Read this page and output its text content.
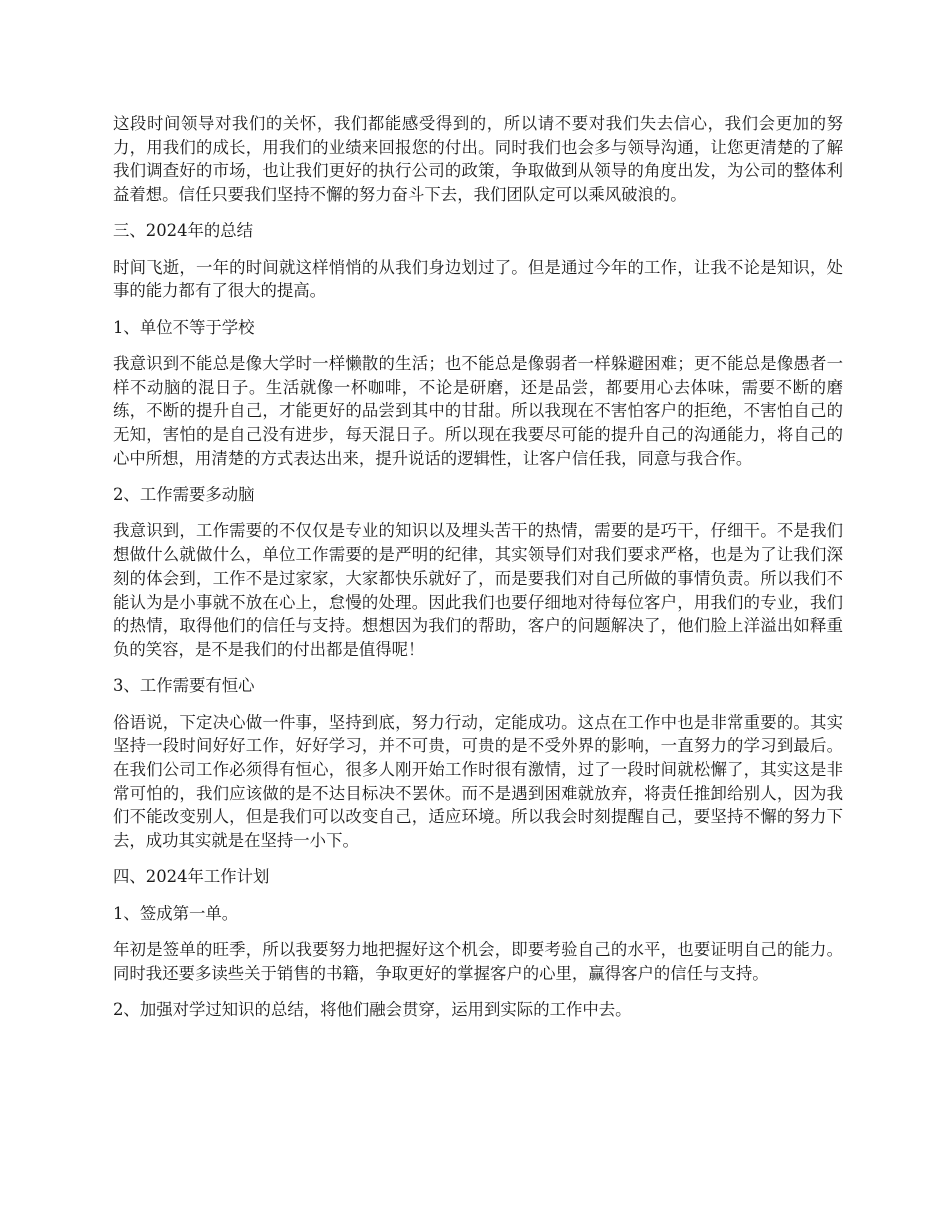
这段时间领导对我们的关怀，我们都能感受得到的，所以请不要对我们失去信心，我们会更加的努力，用我们的成长，用我们的业绩来回报您的付出。同时我们也会多与领导沟通，让您更清楚的了解我们调查好的市场，也让我们更好的执行公司的政策，争取做到从领导的角度出发，为公司的整体利益着想。信任只要我们坚持不懈的努力奋斗下去，我们团队定可以乘风破浪的。

三、2024年的总结

时间飞逝，一年的时间就这样悄悄的从我们身边划过了。但是通过今年的工作，让我不论是知识，处事的能力都有了很大的提高。

1、单位不等于学校

我意识到不能总是像大学时一样懒散的生活；也不能总是像弱者一样躲避困难；更不能总是像愚者一样不动脑的混日子。生活就像一杯咖啡，不论是研磨，还是品尝，都要用心去体味，需要不断的磨练，不断的提升自己，才能更好的品尝到其中的甘甜。所以我现在不害怕客户的拒绝，不害怕自己的无知，害怕的是自己没有进步，每天混日子。所以现在我要尽可能的提升自己的沟通能力，将自己的心中所想，用清楚的方式表达出来，提升说话的逻辑性，让客户信任我，同意与我合作。

2、工作需要多动脑

我意识到，工作需要的不仅仅是专业的知识以及埋头苦干的热情，需要的是巧干，仔细干。不是我们想做什么就做什么，单位工作需要的是严明的纪律，其实领导们对我们要求严格，也是为了让我们深刻的体会到，工作不是过家家，大家都快乐就好了，而是要我们对自己所做的事情负责。所以我们不能认为是小事就不放在心上，怠慢的处理。因此我们也要仔细地对待每位客户，用我们的专业，我们的热情，取得他们的信任与支持。想想因为我们的帮助，客户的问题解决了，他们脸上洋溢出如释重负的笑容，是不是我们的付出都是值得呢！

3、工作需要有恒心

俗语说，下定决心做一件事，坚持到底，努力行动，定能成功。这点在工作中也是非常重要的。其实坚持一段时间好好工作，好好学习，并不可贵，可贵的是不受外界的影响，一直努力的学习到最后。在我们公司工作必须得有恒心，很多人刚开始工作时很有激情，过了一段时间就松懈了，其实这是非常可怕的，我们应该做的是不达目标决不罢休。而不是遇到困难就放弃，将责任推卸给别人，因为我们不能改变别人，但是我们可以改变自己，适应环境。所以我会时刻提醒自己，要坚持不懈的努力下去，成功其实就是在坚持一小下。

四、2024年工作计划

1、签成第一单。

年初是签单的旺季，所以我要努力地把握好这个机会，即要考验自己的水平，也要证明自己的能力。同时我还要多读些关于销售的书籍，争取更好的掌握客户的心里，赢得客户的信任与支持。

2、加强对学过知识的总结，将他们融会贯穿，运用到实际的工作中去。
